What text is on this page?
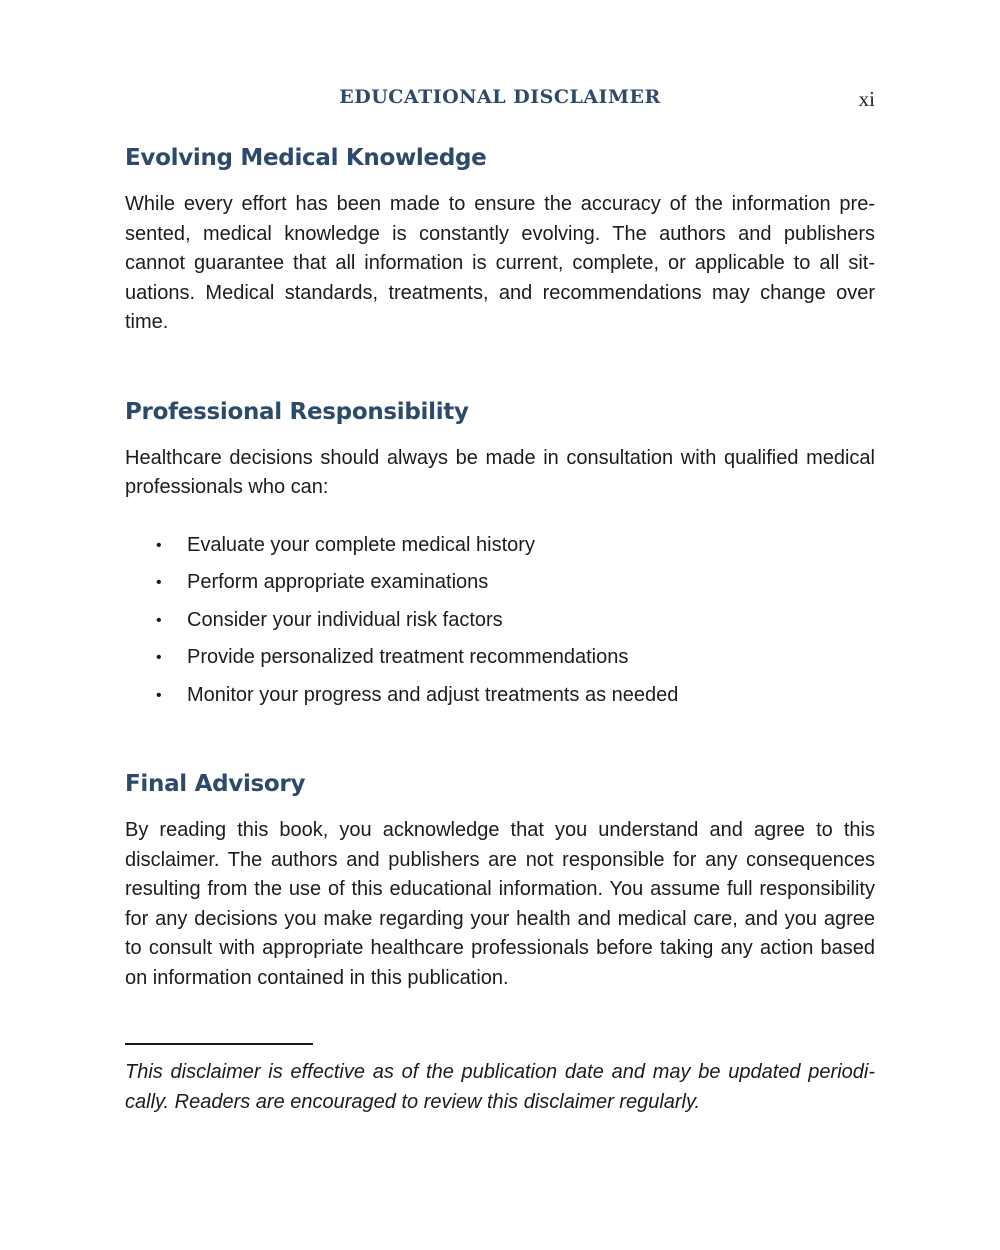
EDUCATIONAL DISCLAIMER	xi
Evolving Medical Knowledge

While every effort has been made to ensure the accuracy of the information presented, medical knowledge is constantly evolving. The authors and publishers cannot guarantee that all information is current, complete, or applicable to all situations. Medical standards, treatments, and recommendations may change over time.

Professional Responsibility

Healthcare decisions should always be made in consultation with qualified medical professionals who can:

• Evaluate your complete medical history
• Perform appropriate examinations
• Consider your individual risk factors
• Provide personalized treatment recommendations
• Monitor your progress and adjust treatments as needed
Final Advisory

By reading this book, you acknowledge that you understand and agree to this disclaimer. The authors and publishers are not responsible for any consequences resulting from the use of this educational information. You assume full responsibility for any decisions you make regarding your health and medical care, and you agree to consult with appropriate healthcare professionals before taking any action based on information contained in this publication.

This disclaimer is effective as of the publication date and may be updated periodically. Readers are encouraged to review this disclaimer regularly.
